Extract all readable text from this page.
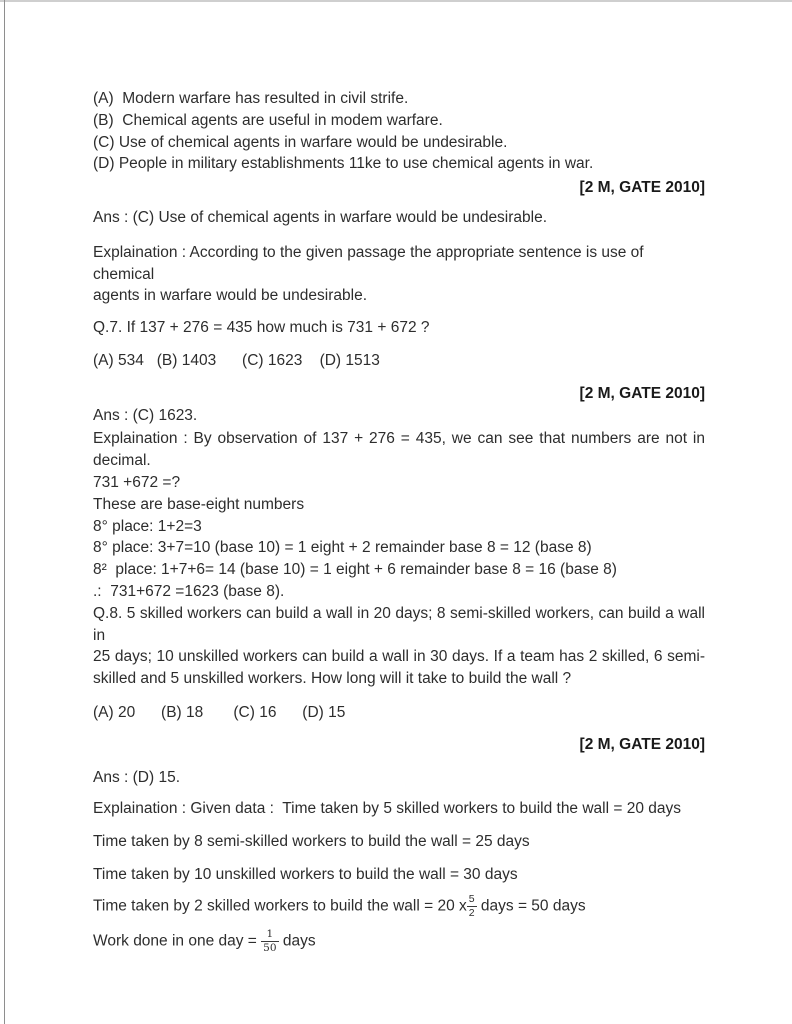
(A)  Modern warfare has resulted in civil strife.
(B)  Chemical agents are useful in modem warfare.
(C) Use of chemical agents in warfare would be undesirable.
(D) People in military establishments 11ke to use chemical agents in war.
[2 M, GATE 2010]
Ans : (C) Use of chemical agents in warfare would be undesirable.
Explaination : According to the given passage the appropriate sentence is use of chemical
agents in warfare would be undesirable.
Q.7. If 137 + 276 = 435 how much is 731 + 672 ?
(A) 534   (B) 1403      (C) 1623    (D) 1513
[2 M, GATE 2010]
Ans : (C) 1623.
Explaination : By observation of 137 + 276 = 435, we can see that numbers are not in
decimal.
731 +672 =?
These are base-eight numbers
8° place: 1+2=3
8° place: 3+7=10 (base 10) = 1 eight + 2 remainder base 8 = 12 (base 8)
8²  place: 1+7+6= 14 (base 10) = 1 eight + 6 remainder base 8 = 16 (base 8)
.:  731+672 =1623 (base 8).
Q.8. 5 skilled workers can build a wall in 20 days; 8 semi-skilled workers, can build a wall in
25 days; 10 unskilled workers can build a wall in 30 days. If a team has 2 skilled, 6 semi-
skilled and 5 unskilled workers. How long will it take to build the wall ?
(A) 20      (B) 18       (C) 16      (D) 15
[2 M, GATE 2010]
Ans : (D) 15.
Explaination : Given data :  Time taken by 5 skilled workers to build the wall = 20 days
Time taken by 8 semi-skilled workers to build the wall = 25 days
Time taken by 10 unskilled workers to build the wall = 30 days
Time taken by 2 skilled workers to build the wall = 20 x $\frac{5}{2}$ days = 50 days
Work done in one day = $\frac{1}{50}$ days
